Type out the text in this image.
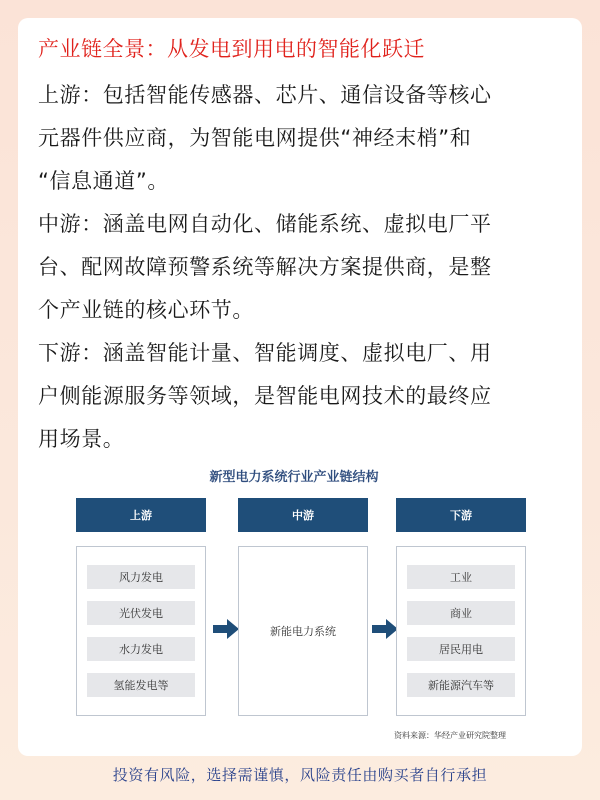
产业链全景：从发电到用电的智能化跃迁

上游：包括智能传感器、芯片、通信设备等核心

元器件供应商，为智能电网提供“神经末梢”和

“信息通道”。

中游：涵盖电网自动化、储能系统、虚拟电厂平

台、配网故障预警系统等解决方案提供商，是整

个产业链的核心环节。

下游：涵盖智能计量、智能调度、虚拟电厂、用

户侧能源服务等领域，是智能电网技术的最终应

用场景。

新型电力系统行业产业链结构
上游
风力发电
光伏发电
水力发电
氢能发电等
中游
新能电力系统
下游
工业
商业
居民用电
新能源汽车等
资料来源：华经产业研究院整理
投资有风险，选择需谨慎，风险责任由购买者自行承担
